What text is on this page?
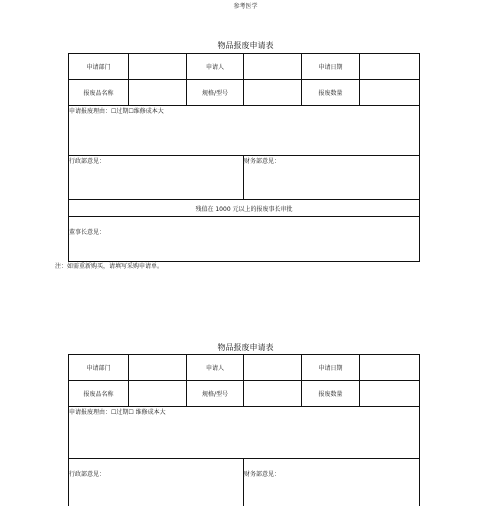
参考医学
物品报废申请表
申请部门		申请人		申请日期	
报废品名称		规格/型号		报废数量	
申请报废理由：☐过期☐维修成本大					
行政部意见：			财务部意见：		
残值在 1000 元以上的报废事长审批					
董事长意见：					
注：如需重新购买，请填写采购申请单。
物品报废申请表
申请部门		申请人		申请日期	
报废品名称		规格/型号		报废数量	
申请报废理由：☐过期☐ 维修成本大					
行政部意见：			财务部意见：		
